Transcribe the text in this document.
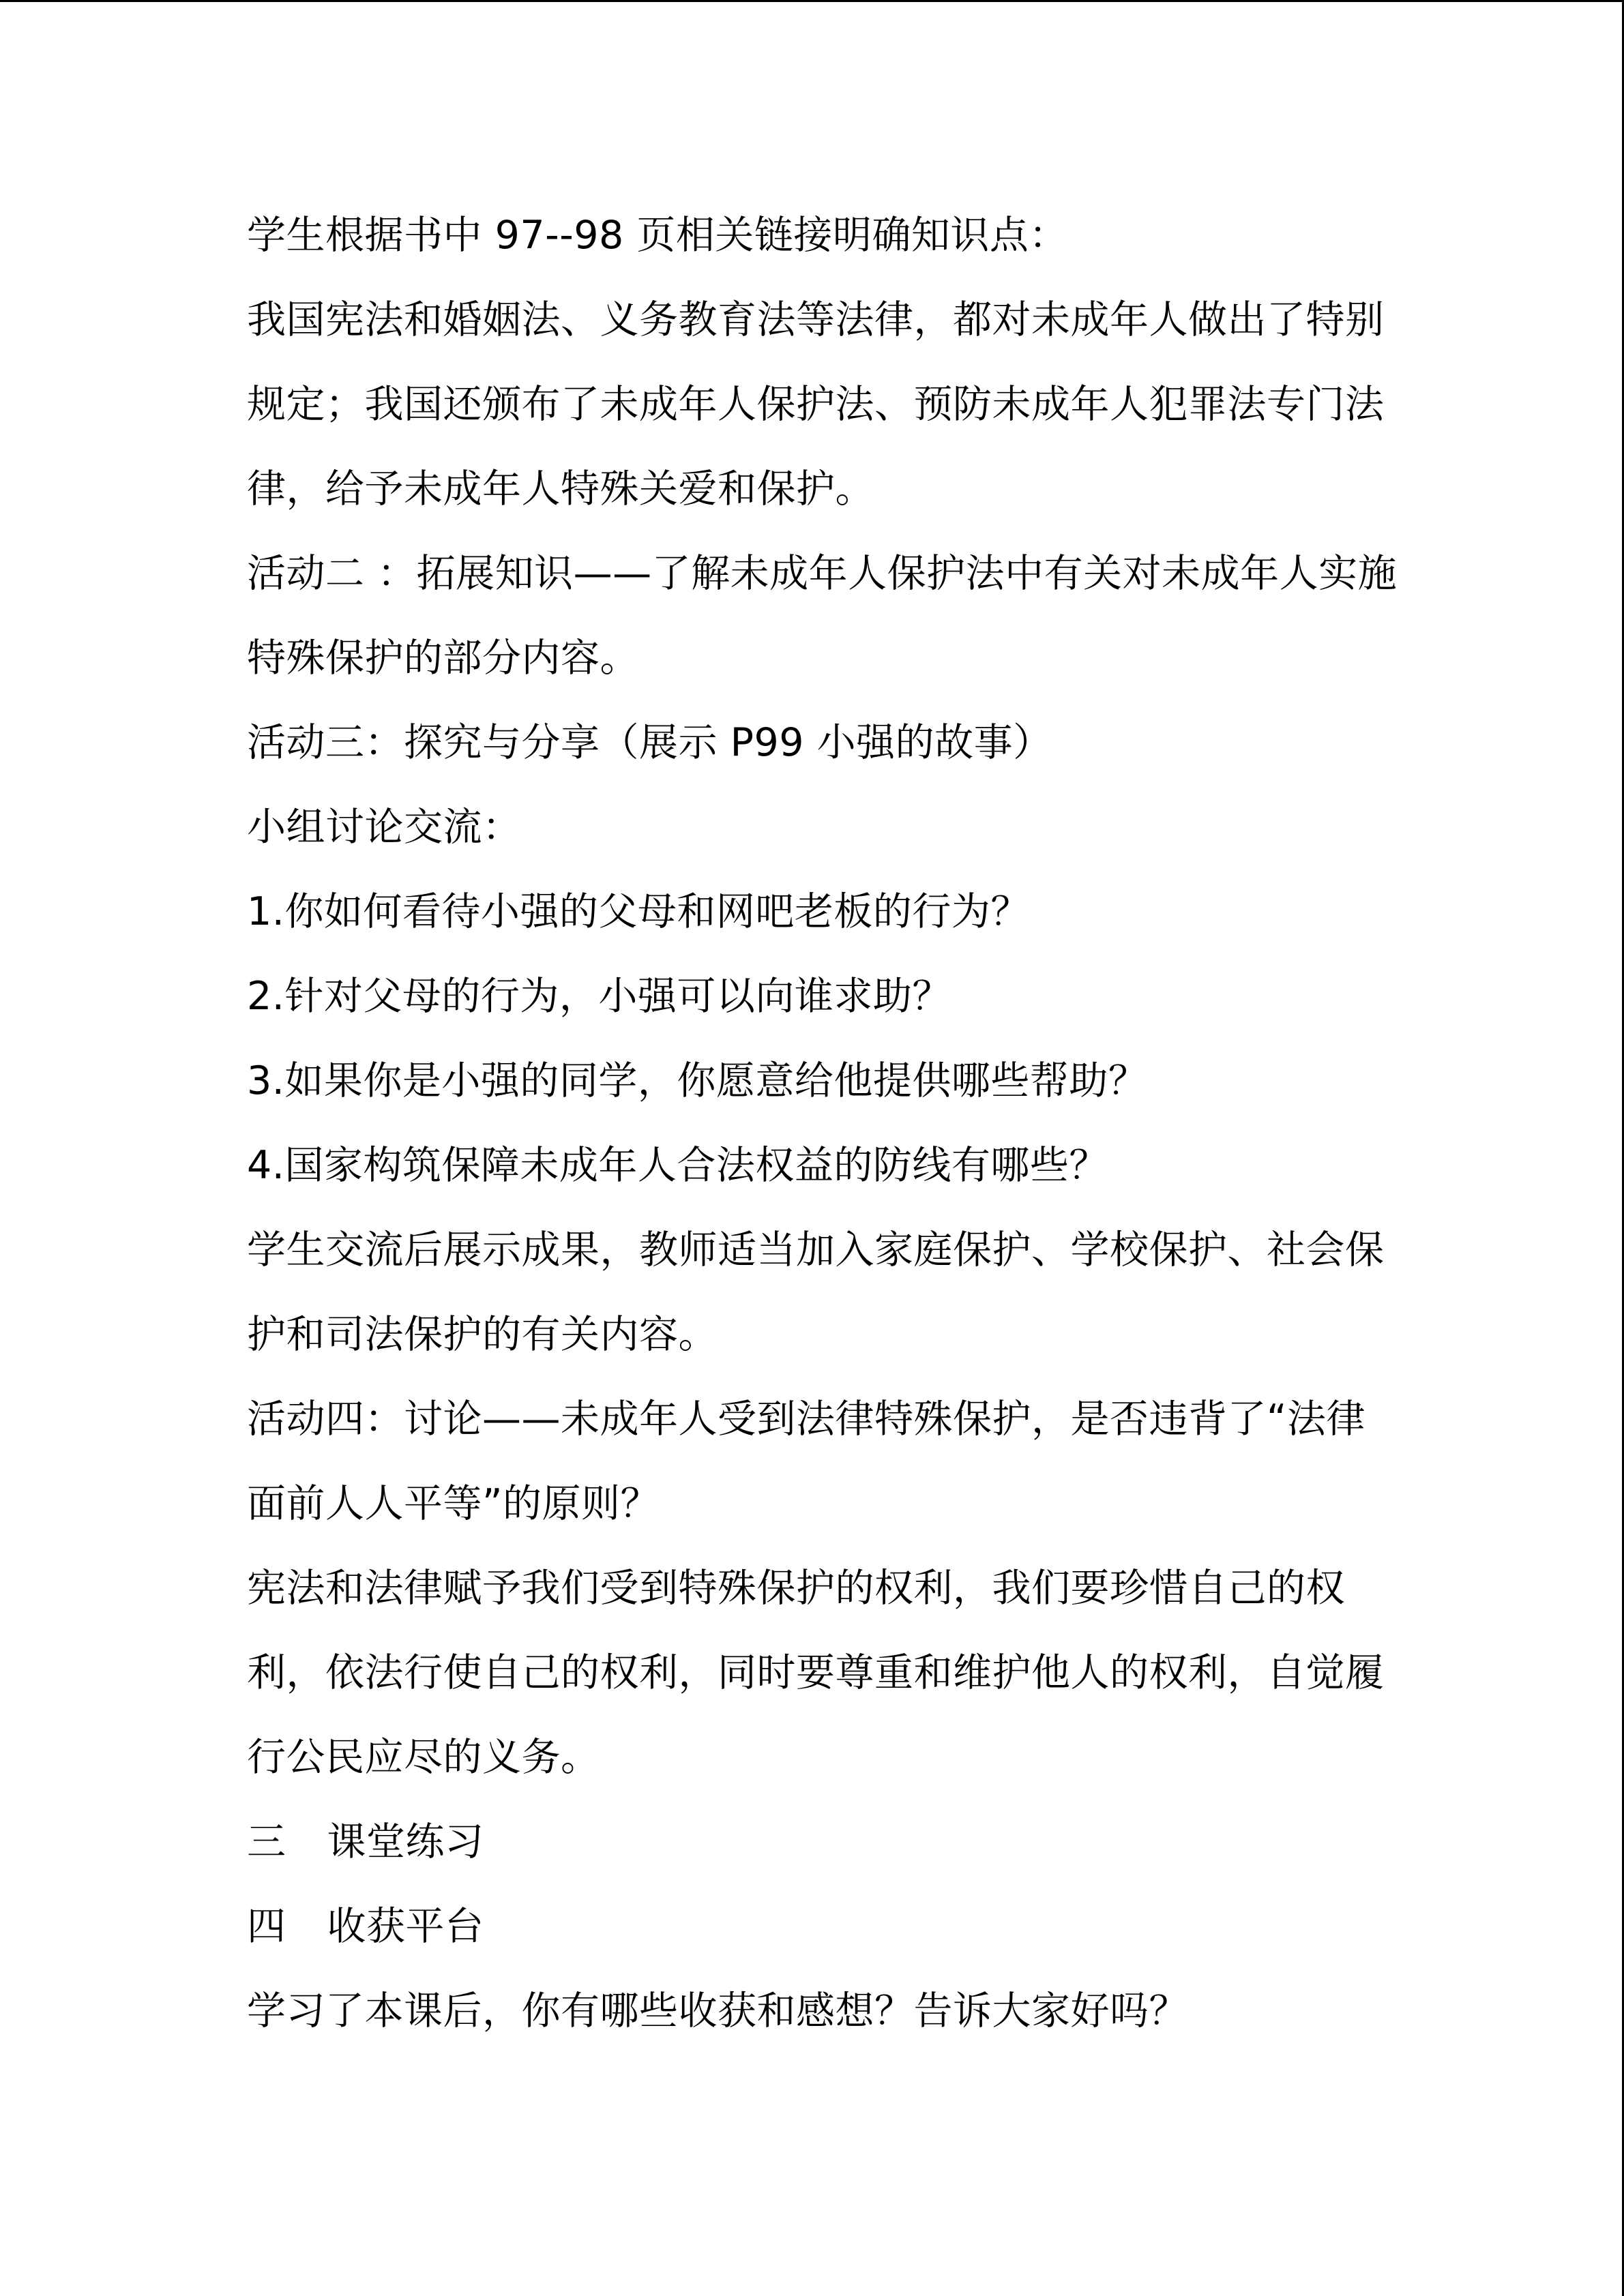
学生根据书中 97--98 页相关链接明确知识点：
我国宪法和婚姻法、义务教育法等法律，都对未成年人做出了特别
规定；我国还颁布了未成年人保护法、预防未成年人犯罪法专门法
律，给予未成年人特殊关爱和保护。
活动二 ：拓展知识——了解未成年人保护法中有关对未成年人实施
特殊保护的部分内容。
活动三：探究与分享（展示 P99 小强的故事）
小组讨论交流：
1.你如何看待小强的父母和网吧老板的行为？
2.针对父母的行为，小强可以向谁求助？
3.如果你是小强的同学，你愿意给他提供哪些帮助？
4.国家构筑保障未成年人合法权益的防线有哪些？
学生交流后展示成果，教师适当加入家庭保护、学校保护、社会保
护和司法保护的有关内容。
活动四：讨论——未成年人受到法律特殊保护，是否违背了“法律
面前人人平等”的原则？
宪法和法律赋予我们受到特殊保护的权利，我们要珍惜自己的权
利，依法行使自己的权利，同时要尊重和维护他人的权利，自觉履
行公民应尽的义务。
三 课堂练习
四 收获平台
学习了本课后，你有哪些收获和感想？告诉大家好吗？
